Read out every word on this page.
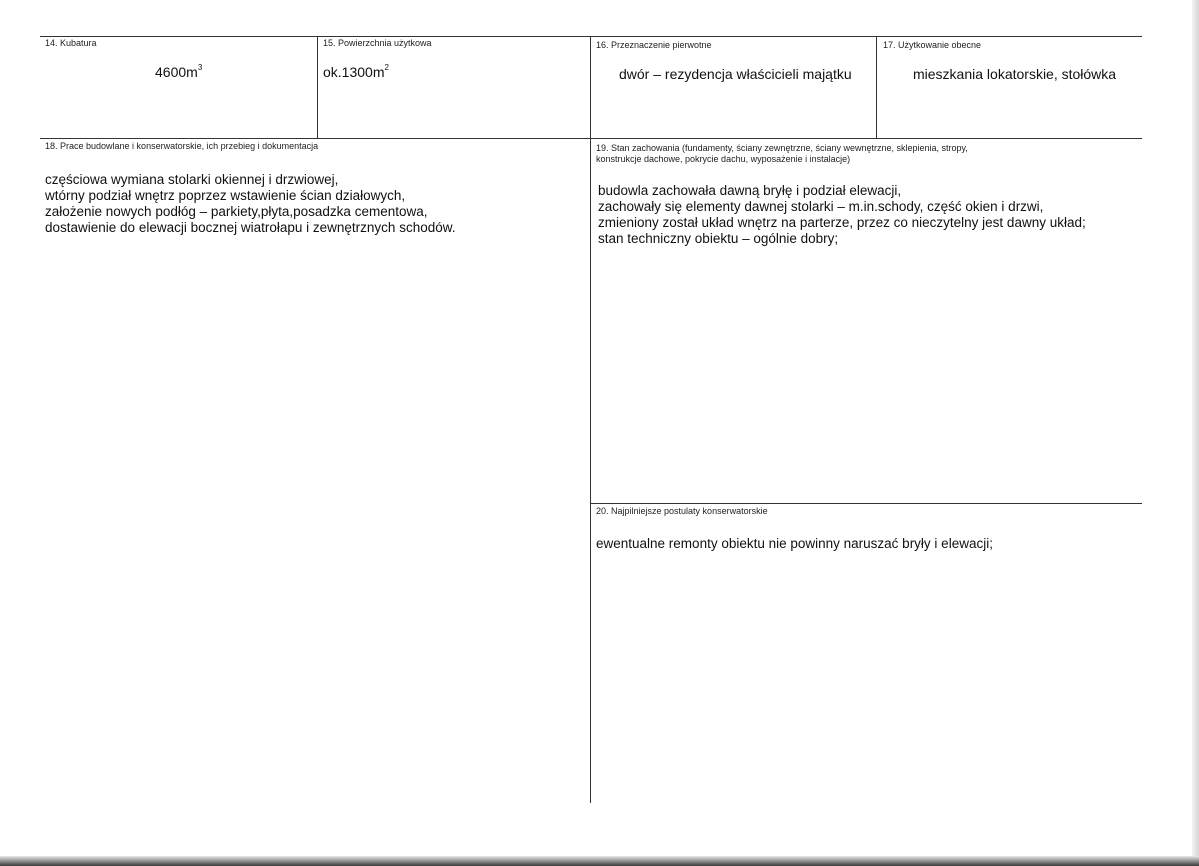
14. Kubatura
$4600m^3$
15. Powierzchnia użytkowa
$ok.1300m^2$
16. Przeznaczenie pierwotne
dwór – rezydencja właścicieli majątku
17. Użytkowanie obecne
mieszkania lokatorskie, stołówka
18. Prace budowlane i konserwatorskie, ich przebieg i dokumentacja
częściowa wymiana stolarki okiennej i drzwiowej,
wtórny podział wnętrz poprzez wstawienie ścian działowych,
założenie nowych podłóg – parkiety,płyta,posadzka cementowa,
dostawienie do elewacji bocznej wiatrołapu i zewnętrznych schodów.
19. Stan zachowania (fundamenty, ściany zewnętrzne, ściany wewnętrzne, sklepienia, stropy,
konstrukcje dachowe, pokrycie dachu, wyposażenie i instalacje)
budowla zachowała dawną bryłę i podział elewacji,
zachowały się elementy dawnej stolarki – m.in.schody, część okien i drzwi,
zmieniony został układ wnętrz na parterze, przez co nieczytelny jest dawny układ;
stan techniczny obiektu – ogólnie dobry;
20. Najpilniejsze postulaty konserwatorskie
ewentualne remonty obiektu nie powinny naruszać bryły i elewacji;
